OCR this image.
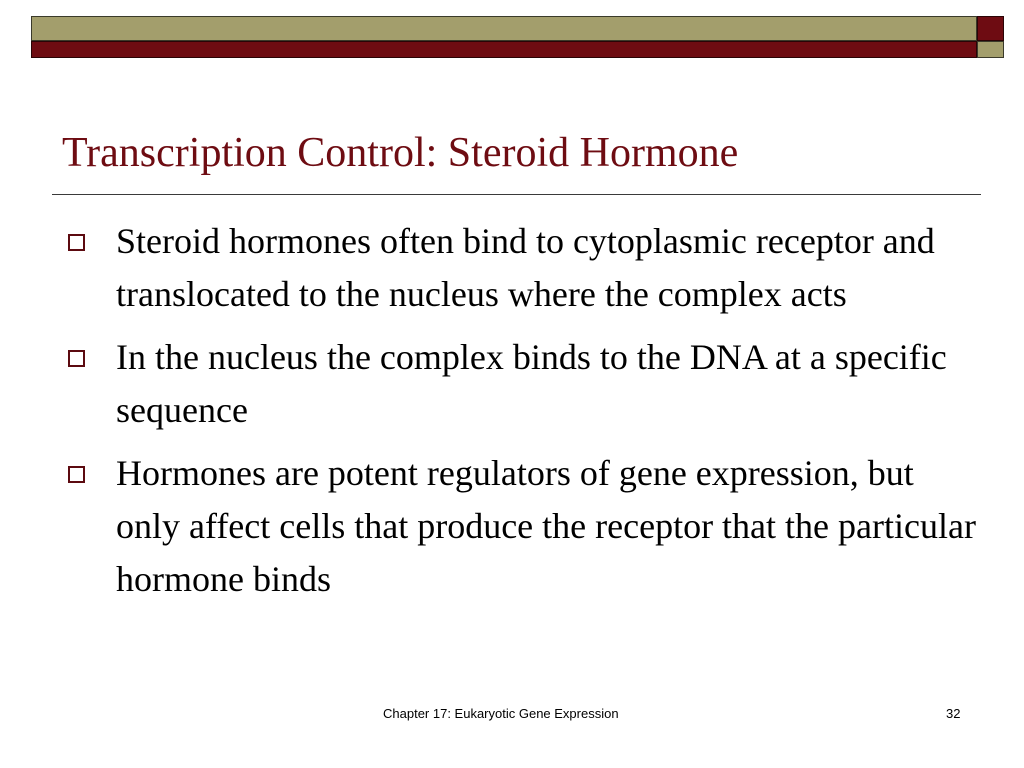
Transcription Control: Steroid Hormone
Steroid hormones often bind to cytoplasmic receptor and translocated to the nucleus where the complex acts
In the nucleus the complex binds to the DNA at a specific sequence
Hormones are potent regulators of gene expression, but only affect cells that produce the receptor that the particular hormone binds
Chapter 17: Eukaryotic Gene Expression	32
